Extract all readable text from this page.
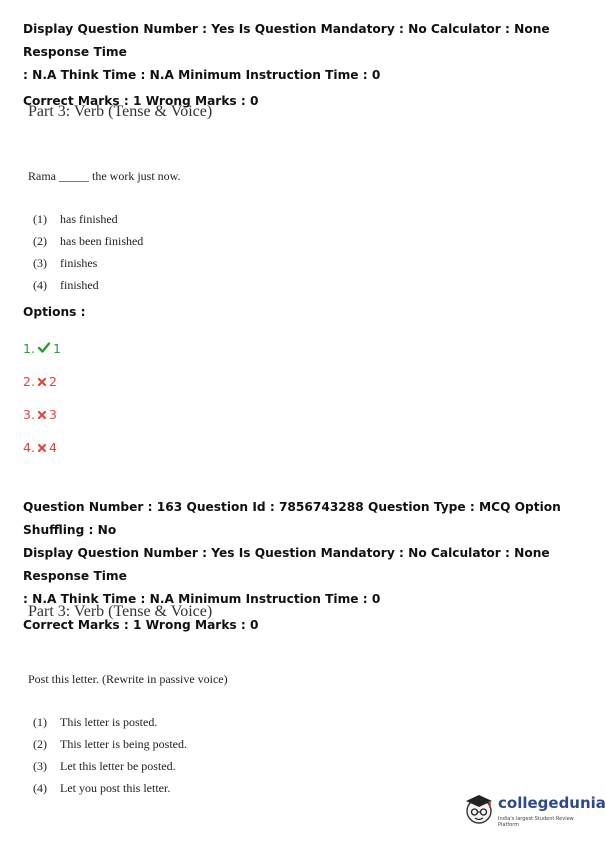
Display Question Number : Yes Is Question Mandatory : No Calculator : None Response Time

: N.A Think Time : N.A Minimum Instruction Time : 0

Correct Marks : 1 Wrong Marks : 0

Part 3: Verb (Tense & Voice)
Rama _____ the work just now.
(1) has finished
(2) has been finished
(3) finishes
(4) finished
Options :
1. 1
2. 2
3. 3
4. 4

Question Number : 163 Question Id : 7856743288 Question Type : MCQ Option Shuffling : No

Display Question Number : Yes Is Question Mandatory : No Calculator : None Response Time

: N.A Think Time : N.A Minimum Instruction Time : 0

Correct Marks : 1 Wrong Marks : 0

Part 3: Verb (Tense & Voice)
Post this letter. (Rewrite in passive voice)
(1) This letter is posted.
(2) This letter is being posted.
(3) Let this letter be posted.
(4) Let you post this letter.
collegedunia
India's largest Student Review Platform
